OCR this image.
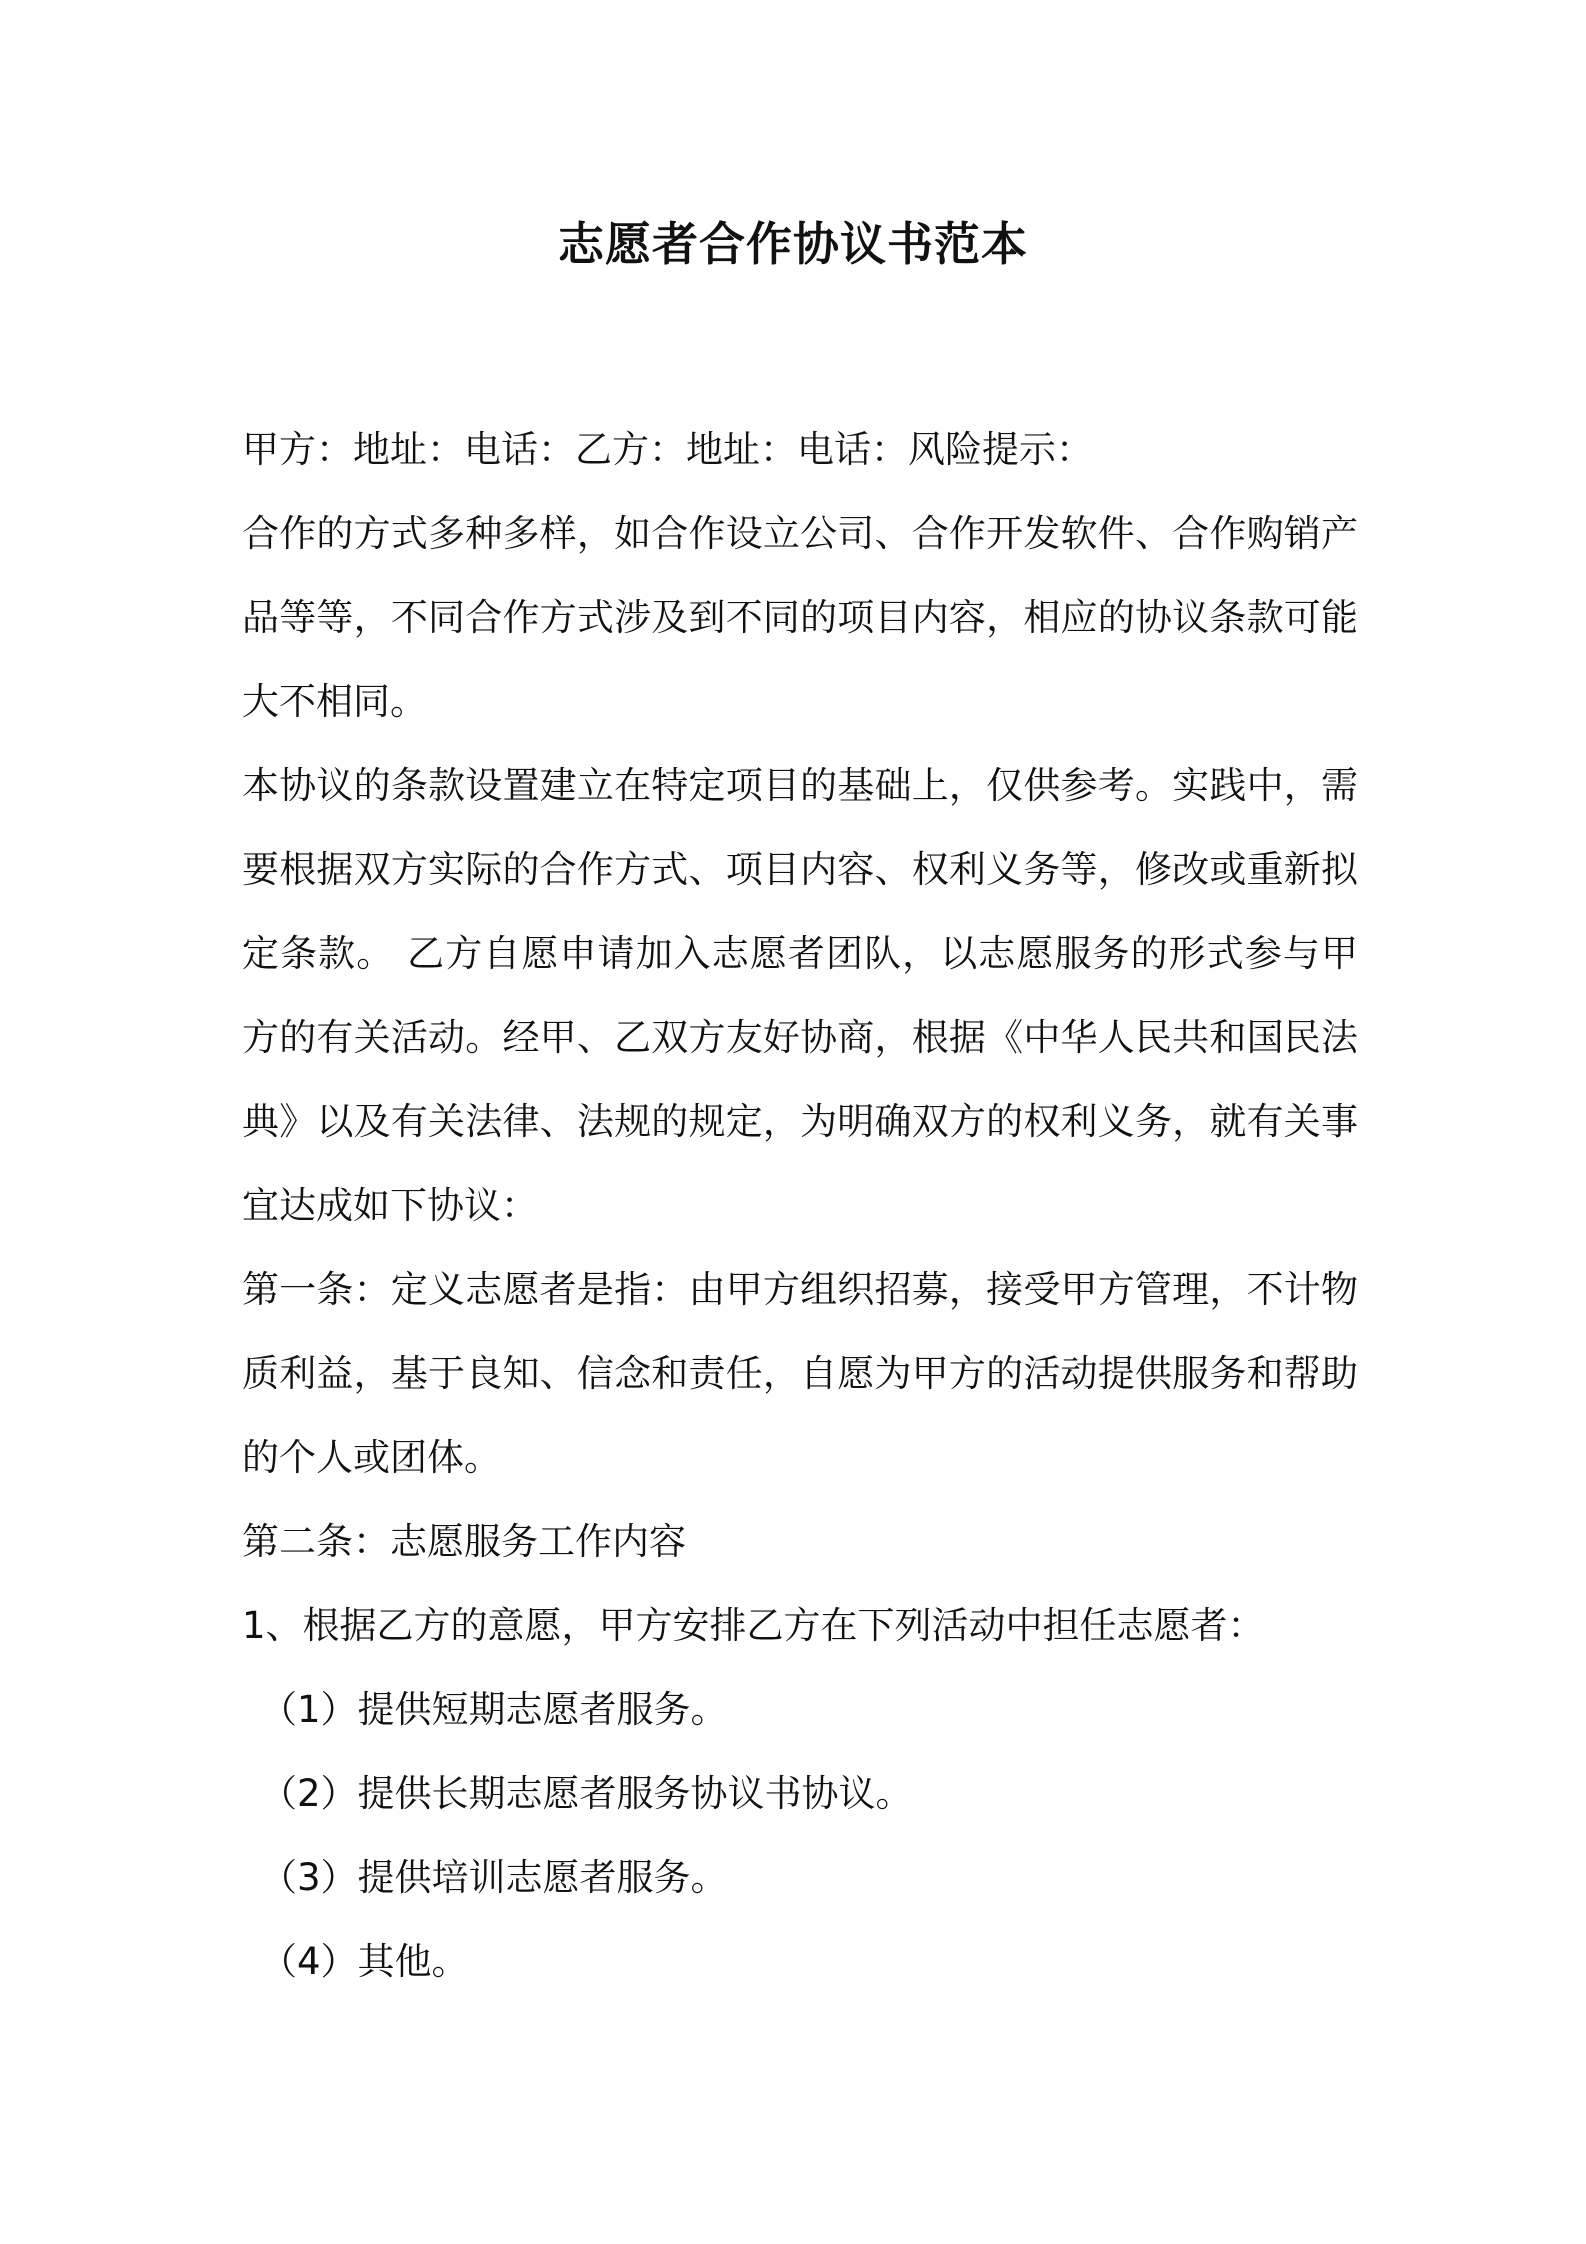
志愿者合作协议书范本

甲方：地址：电话：乙方：地址：电话：风险提示：

合作的方式多种多样，如合作设立公司、合作开发软件、合作购销产品等等，不同合作方式涉及到不同的项目内容，相应的协议条款可能大不相同。

本协议的条款设置建立在特定项目的基础上，仅供参考。实践中，需要根据双方实际的合作方式、项目内容、权利义务等，修改或重新拟定条款。 乙方自愿申请加入志愿者团队，以志愿服务的形式参与甲方的有关活动。经甲、乙双方友好协商，根据《中华人民共和国民法典》以及有关法律、法规的规定，为明确双方的权利义务，就有关事宜达成如下协议：

第一条：定义志愿者是指：由甲方组织招募，接受甲方管理，不计物质利益，基于良知、信念和责任，自愿为甲方的活动提供服务和帮助的个人或团体。

第二条：志愿服务工作内容

1、根据乙方的意愿，甲方安排乙方在下列活动中担任志愿者：

（1）提供短期志愿者服务。

（2）提供长期志愿者服务协议书协议。

（3）提供培训志愿者服务。

（4）其他。
